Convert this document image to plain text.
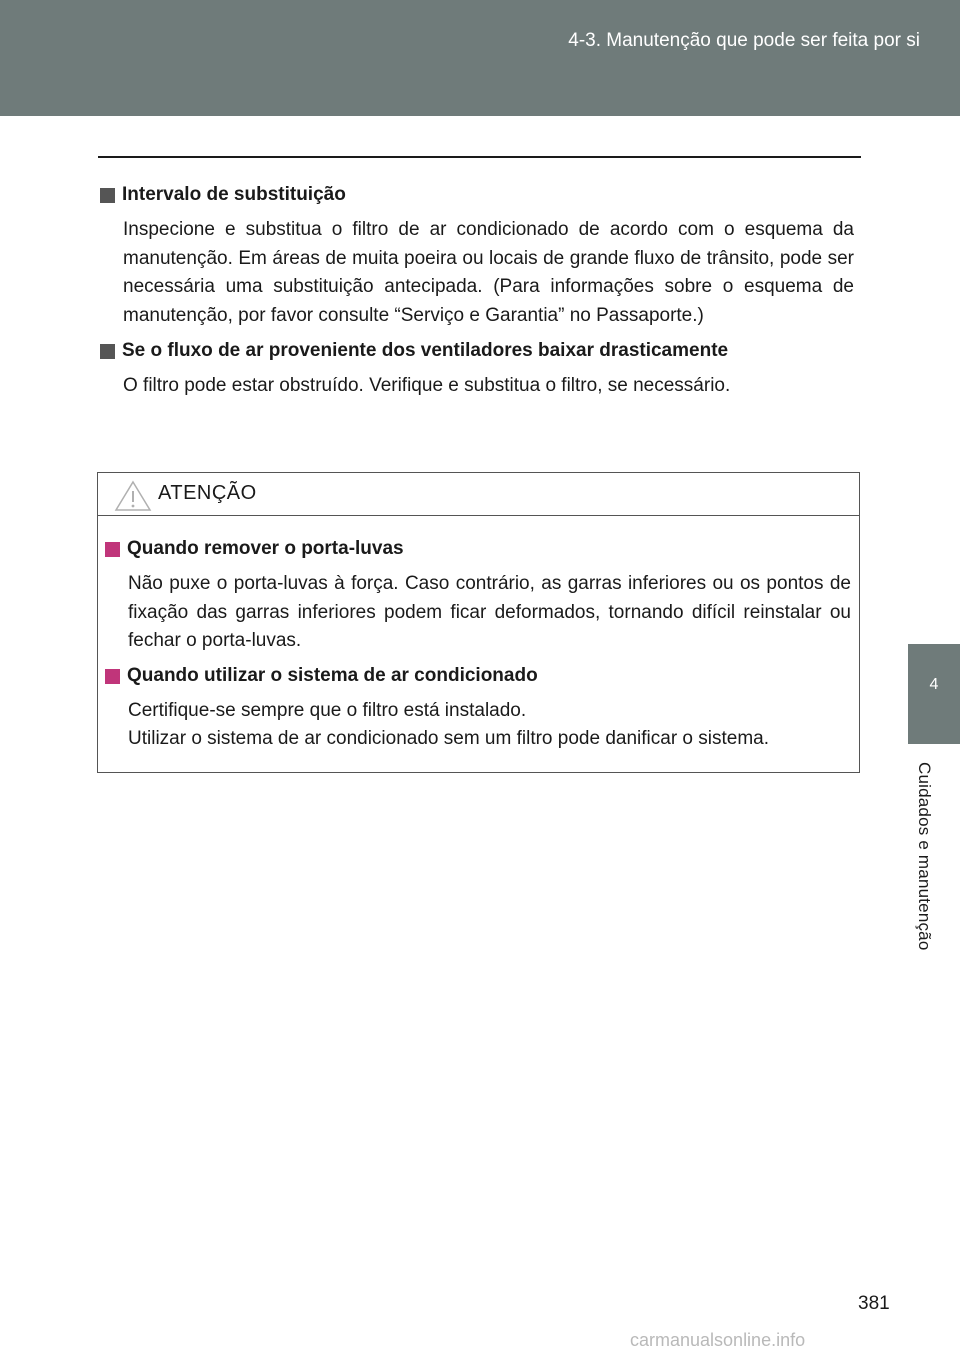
4-3. Manutenção que pode ser feita por si
4
Cuidados e manutenção
Intervalo de substituição
Inspecione e substitua o filtro de ar condicionado de acordo com o esquema da manutenção. Em áreas de muita poeira ou locais de grande fluxo de trânsito, pode ser necessária uma substituição antecipada. (Para informações sobre o esquema de manutenção, por favor consulte “Serviço e Garantia” no Passaporte.)
Se o fluxo de ar proveniente dos ventiladores baixar drasticamente
O filtro pode estar obstruído. Verifique e substitua o filtro, se necessário.
ATENÇÃO
Quando remover o porta-luvas
Não puxe o porta-luvas à força. Caso contrário, as garras inferiores ou os pontos de fixação das garras inferiores podem ficar deformados, tornando difícil reinstalar ou fechar o porta-luvas.
Quando utilizar o sistema de ar condicionado
Certifique-se sempre que o filtro está instalado.
Utilizar o sistema de ar condicionado sem um filtro pode danificar o sistema.
381
carmanualsonline.info
